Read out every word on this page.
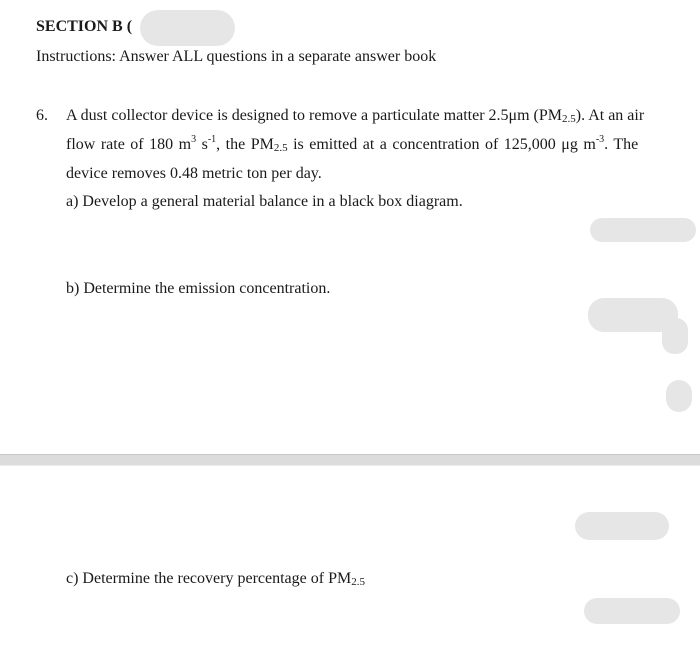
SECTION B (
Instructions: Answer ALL questions in a separate answer book
6. A dust collector device is designed to remove a particulate matter 2.5μm $(PM_{2.5})$. At an air
flow rate of 180 $m^3$ $s^{-1}$, the $PM_{2.5}$ is emitted at a concentration of 125,000 μg $m^{-3}$. The
device removes 0.48 metric ton per day.
a) Develop a general material balance in a black box diagram.
b) Determine the emission concentration.
c) Determine the recovery percentage of $PM_{2.5}$
